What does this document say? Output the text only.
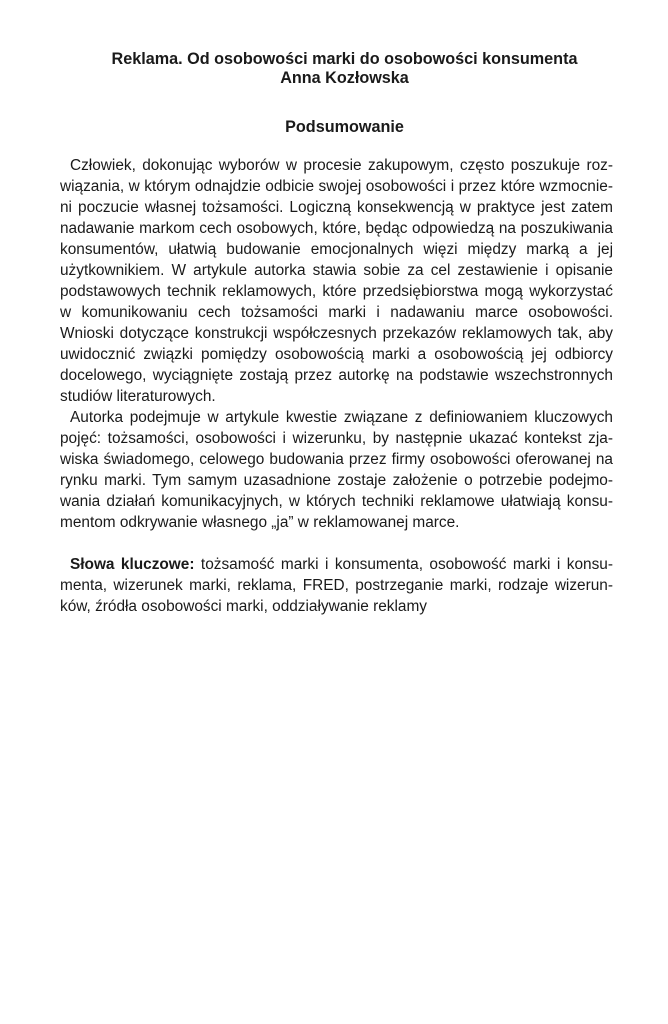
Reklama. Od osobowości marki do osobowości konsumenta
Anna Kozłowska
Podsumowanie

Człowiek, dokonując wyborów w procesie zakupowym, często poszukuje rozwiązania, w którym odnajdzie odbicie swojej osobowości i przez które wzmocnieni poczucie własnej tożsamości. Logiczną konsekwencją w praktyce jest zatem nadawanie markom cech osobowych, które, będąc odpowiedzą na poszukiwania konsumentów, ułatwią budowanie emocjonalnych więzi między marką a jej użytkownikiem. W artykule autorka stawia sobie za cel zestawienie i opisanie podstawowych technik reklamowych, które przedsiębiorstwa mogą wykorzystać w komunikowaniu cech tożsamości marki i nadawaniu marce osobowości. Wnioski dotyczące konstrukcji współczesnych przekazów reklamowych tak, aby uwidocznić związki pomiędzy osobowością marki a osobowością jej odbiorcy docelowego, wyciągnięte zostają przez autorkę na podstawie wszechstronnych studiów literaturowych.

Autorka podejmuje w artykule kwestie związane z definiowaniem kluczowych pojęć: tożsamości, osobowości i wizerunku, by następnie ukazać kontekst zjawiska świadomego, celowego budowania przez firmy osobowości oferowanej na rynku marki. Tym samym uzasadnione zostaje założenie o potrzebie podejmowania działań komunikacyjnych, w których techniki reklamowe ułatwiają konsumentom odkrywanie własnego „ja” w reklamowanej marce.

Słowa kluczowe: tożsamość marki i konsumenta, osobowość marki i konsumenta, wizerunek marki, reklama, FRED, postrzeganie marki, rodzaje wizerunków, źródła osobowości marki, oddziaływanie reklamy
